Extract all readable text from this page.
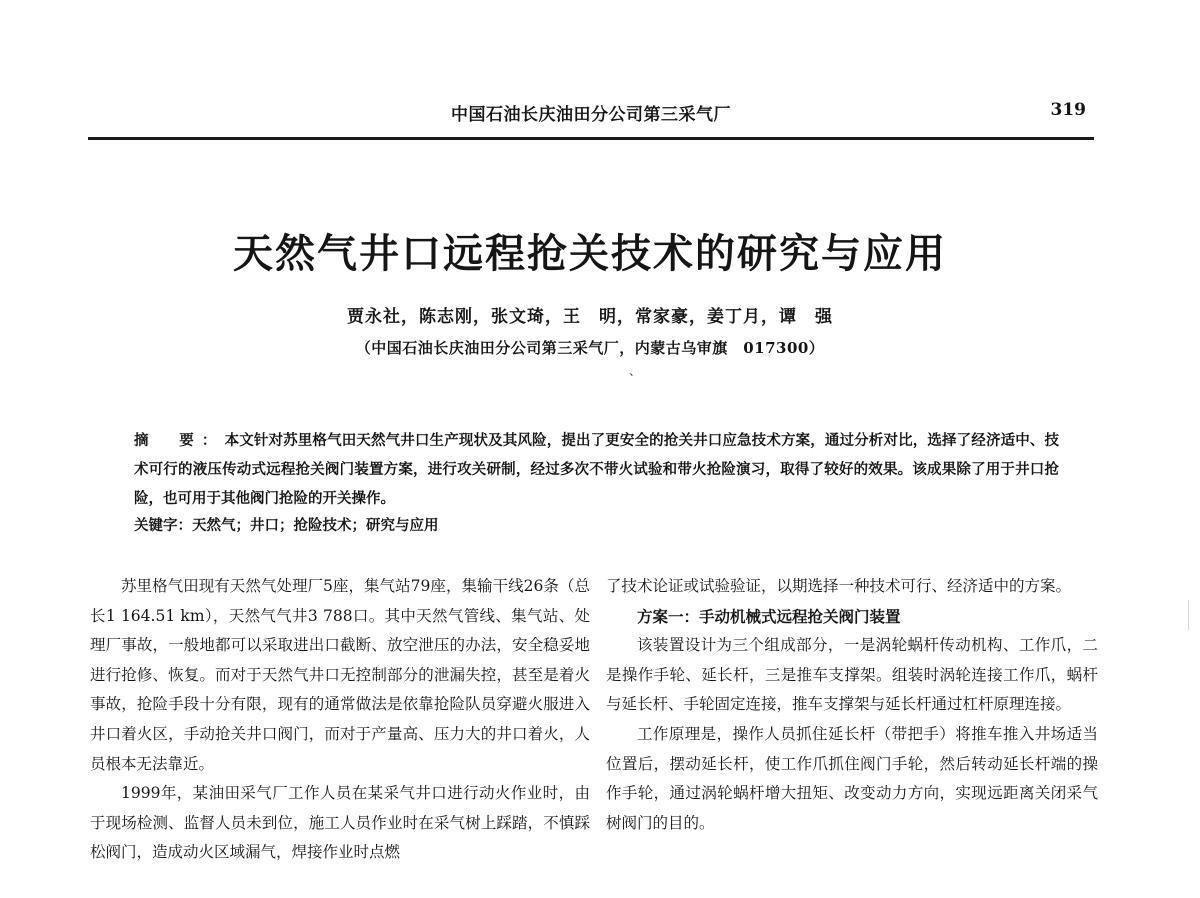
中国石油长庆油田分公司第三采气厂	319
天然气井口远程抢关技术的研究与应用
贾永社，陈志刚，张文琦，王　明，常家豪，姜丁月，谭　强
（中国石油长庆油田分公司第三采气厂，内蒙古乌审旗　017300）
、
摘　要：本文针对苏里格气田天然气井口生产现状及其风险，提出了更安全的抢关井口应急技术方案，通过分析对比，选择了经济适中、技术可行的液压传动式远程抢关阀门装置方案，进行攻关研制，经过多次不带火试验和带火抢险演习，取得了较好的效果。该成果除了用于井口抢险，也可用于其他阀门抢险的开关操作。
关键字：天然气；井口；抢险技术；研究与应用

苏里格气田现有天然气处理厂5座，集气站79座，集输干线26条（总长1 164.51 km），天然气气井3 788口。其中天然气管线、集气站、处理厂事故，一般地都可以采取进出口截断、放空泄压的办法，安全稳妥地进行抢修、恢复。而对于天然气井口无控制部分的泄漏失控，甚至是着火事故，抢险手段十分有限，现有的通常做法是依靠抢险队员穿避火服进入井口着火区，手动抢关井口阀门，而对于产量高、压力大的井口着火，人员根本无法靠近。

1999年，某油田采气厂工作人员在某采气井口进行动火作业时，由于现场检测、监督人员未到位，施工人员作业时在采气树上踩踏，不慎踩松阀门，造成动火区域漏气，焊接作业时点燃

了技术论证或试验验证，以期选择一种技术可行、经济适中的方案。

方案一：手动机械式远程抢关阀门装置

该装置设计为三个组成部分，一是涡轮蜗杆传动机构、工作爪，二是操作手轮、延长杆，三是推车支撑架。组装时涡轮连接工作爪，蜗杆与延长杆、手轮固定连接，推车支撑架与延长杆通过杠杆原理连接。

工作原理是，操作人员抓住延长杆（带把手）将推车推入井场适当位置后，摆动延长杆，使工作爪抓住阀门手轮，然后转动延长杆端的操作手轮，通过涡轮蜗杆增大扭矩、改变动力方向，实现远距离关闭采气树阀门的目的。
